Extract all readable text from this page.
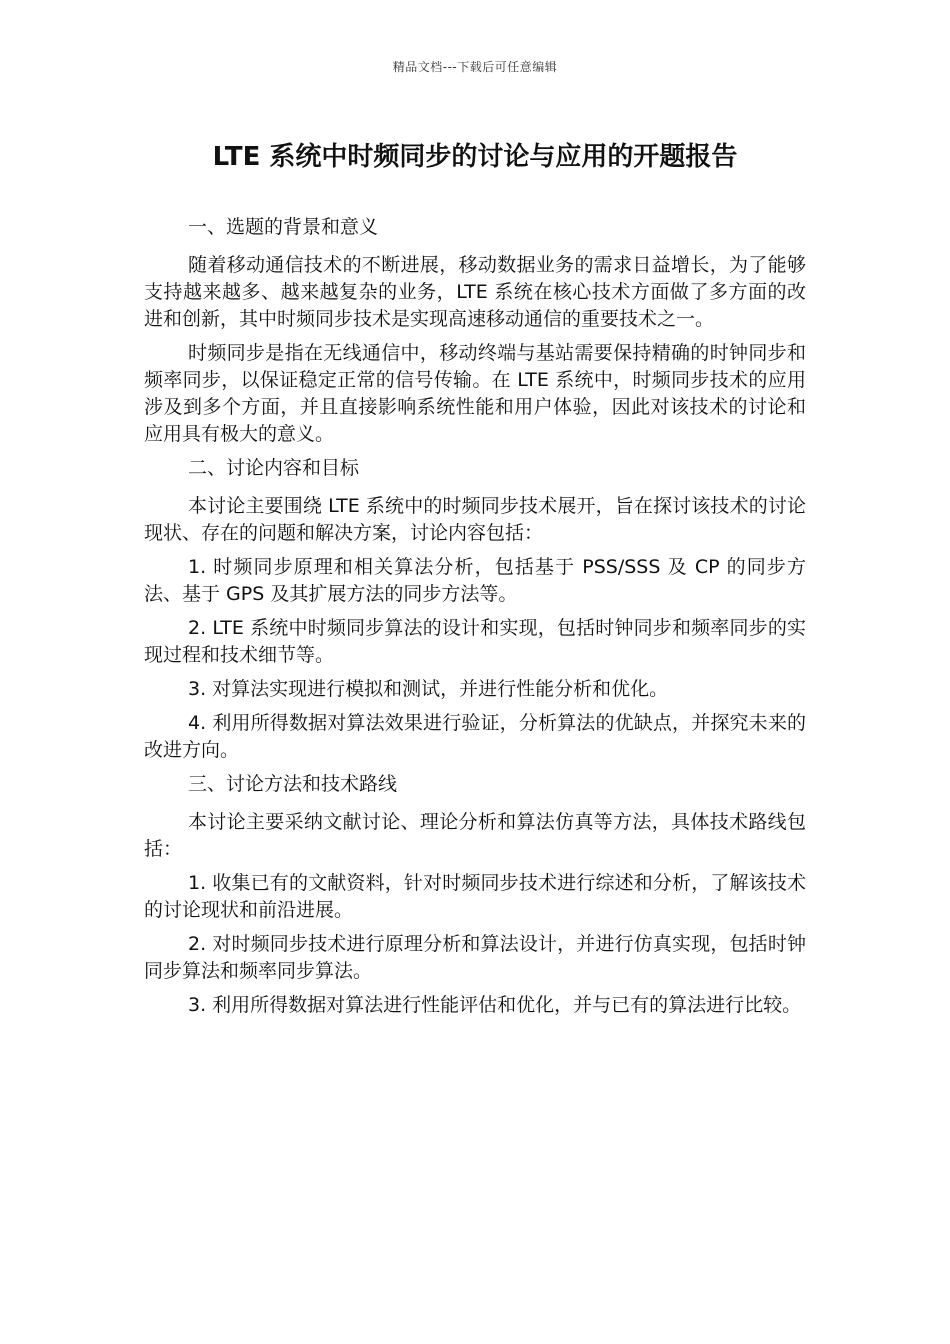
精品文档---下载后可任意编辑
LTE 系统中时频同步的讨论与应用的开题报告

一、选题的背景和意义

随着移动通信技术的不断进展，移动数据业务的需求日益增长，为了能够支持越来越多、越来越复杂的业务，LTE 系统在核心技术方面做了多方面的改进和创新，其中时频同步技术是实现高速移动通信的重要技术之一。

时频同步是指在无线通信中，移动终端与基站需要保持精确的时钟同步和频率同步，以保证稳定正常的信号传输。在 LTE 系统中，时频同步技术的应用涉及到多个方面，并且直接影响系统性能和用户体验，因此对该技术的讨论和应用具有极大的意义。

二、讨论内容和目标

本讨论主要围绕 LTE 系统中的时频同步技术展开，旨在探讨该技术的讨论现状、存在的问题和解决方案，讨论内容包括：

1. 时频同步原理和相关算法分析，包括基于 PSS/SSS 及 CP 的同步方法、基于 GPS 及其扩展方法的同步方法等。

2. LTE 系统中时频同步算法的设计和实现，包括时钟同步和频率同步的实现过程和技术细节等。

3. 对算法实现进行模拟和测试，并进行性能分析和优化。

4. 利用所得数据对算法效果进行验证，分析算法的优缺点，并探究未来的改进方向。

三、讨论方法和技术路线

本讨论主要采纳文献讨论、理论分析和算法仿真等方法，具体技术路线包括：

1. 收集已有的文献资料，针对时频同步技术进行综述和分析，了解该技术的讨论现状和前沿进展。

2. 对时频同步技术进行原理分析和算法设计，并进行仿真实现，包括时钟同步算法和频率同步算法。

3. 利用所得数据对算法进行性能评估和优化，并与已有的算法进行比较。
